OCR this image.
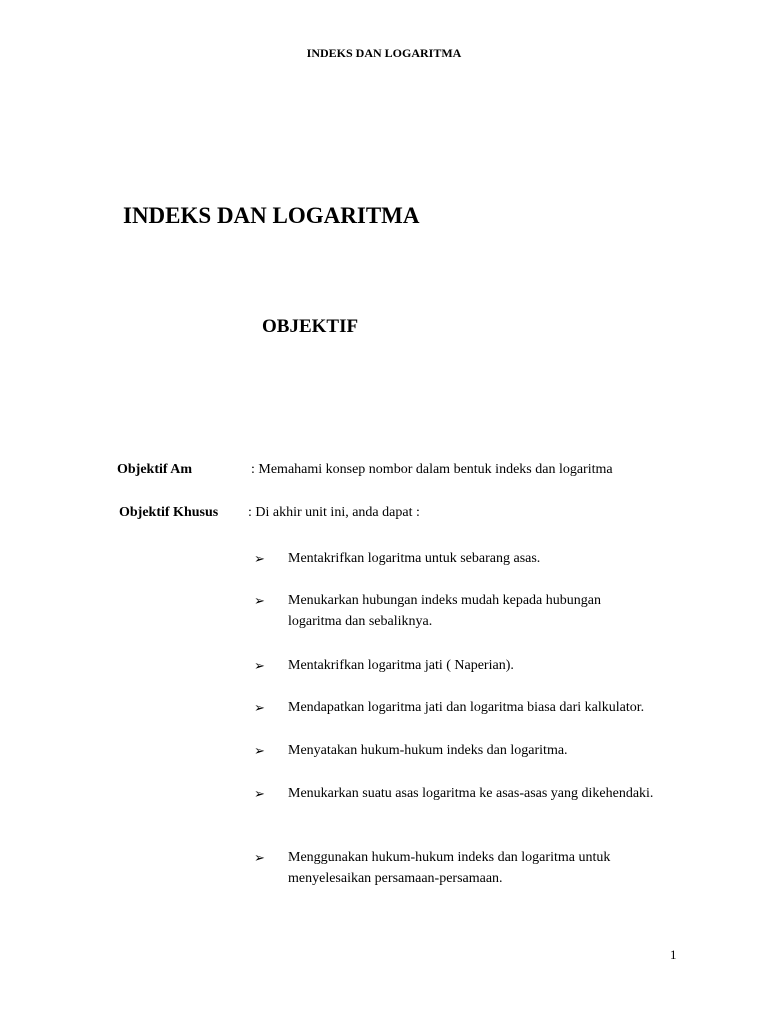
INDEKS DAN LOGARITMA
INDEKS DAN LOGARITMA
OBJEKTIF
Objektif Am	: Memahami konsep nombor dalam bentuk indeks dan logaritma
Objektif Khusus : Di akhir unit ini, anda dapat :
➢ Mentakrifkan logaritma untuk sebarang asas.
➢ Menukarkan hubungan indeks mudah kepada hubungan logaritma dan sebaliknya.
➢ Mentakrifkan logaritma jati ( Naperian).
➢ Mendapatkan logaritma jati dan logaritma biasa dari kalkulator.
➢ Menyatakan hukum-hukum indeks dan logaritma.
➢ Menukarkan suatu asas logaritma ke asas-asas yang dikehendaki.
➢ Menggunakan hukum-hukum indeks dan logaritma untuk menyelesaikan persamaan-persamaan.
1
